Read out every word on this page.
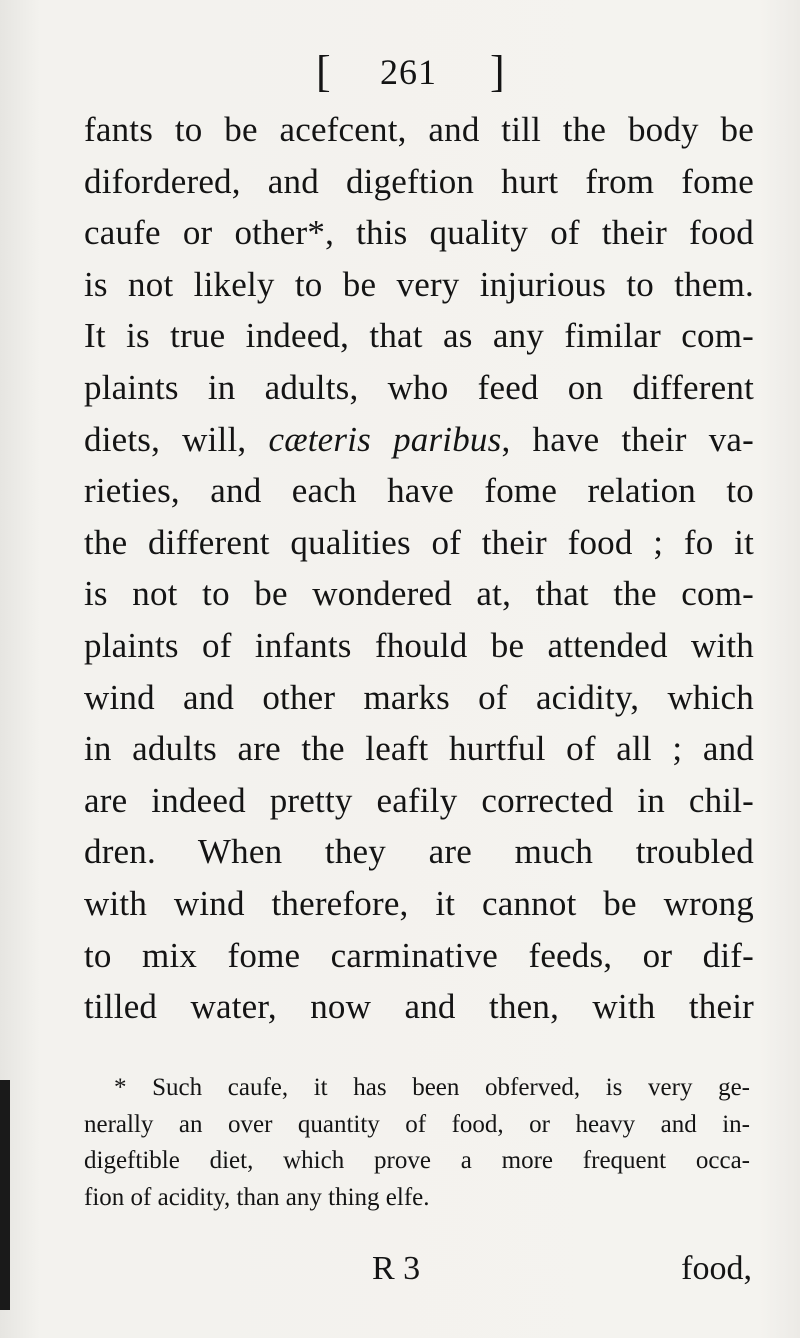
[ 261 ]
fants to be acefcent, and till the body be
difordered, and digeftion hurt from fome
caufe or other*, this quality of their food
is not likely to be very injurious to them.
It is true indeed, that as any fimilar com-
plaints in adults, who feed on different
diets, will, cæteris paribus, have their va-
rieties, and each have fome relation to
the different qualities of their food ; fo it
is not to be wondered at, that the com-
plaints of infants fhould be attended with
wind and other marks of acidity, which
in adults are the leaft hurtful of all ; and
are indeed pretty eafily corrected in chil-
dren. When they are much troubled
with wind therefore, it cannot be wrong
to mix fome carminative feeds, or dif-
tilled water, now and then, with their
* Such caufe, it has been obferved, is very ge-
nerally an over quantity of food, or heavy and in-
digeftible diet, which prove a more frequent occa-
fion of acidity, than any thing elfe.
R 3	food,
